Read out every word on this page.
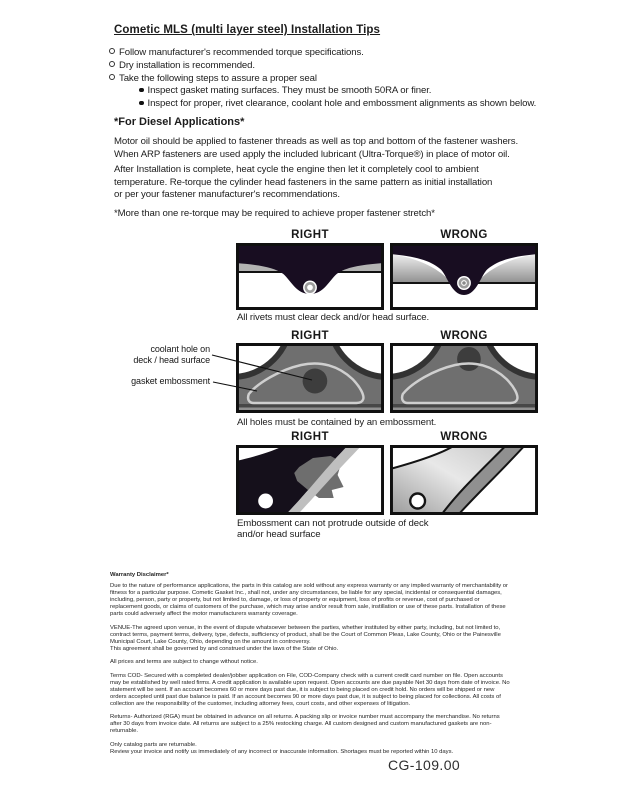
Cometic MLS (multi layer steel) Installation Tips
Follow manufacturer's recommended torque specifications.
Dry installation is recommended.
Take the following steps to assure a proper seal
Inspect gasket mating surfaces. They must be smooth 50RA or finer.
Inspect for proper, rivet clearance, coolant hole and embossment alignments as shown below.
*For Diesel Applications*
Motor oil should be applied to fastener threads as well as top and bottom of the fastener washers.
When ARP fasteners are used apply the included lubricant (Ultra-Torque®) in place of motor oil.
After Installation is complete, heat cycle the engine then let it completely cool to ambient
temperature. Re-torque the cylinder head fasteners in the same pattern as initial installation
or per your fastener manufacturer's recommendations.
*More than one re-torque may be required to achieve proper fastener stretch*
RIGHT	WRONG
All rivets must clear deck and/or head surface.
RIGHT	WRONG
coolant hole on
deck / head surface
gasket embossment
All holes must be contained by an embossment.
RIGHT	WRONG
Embossment can not protrude outside of deck
and/or head surface
Warranty Disclaimer*

Due to the nature of performance applications, the parts in this catalog are sold without any express warranty or any implied warranty of merchantability or fitness for a particular purpose. Cometic Gasket Inc., shall not, under any circumstances, be liable for any special, incidental or consequential damages, including, person, party or property, but not limited to, damage, or loss of property or equipment, loss of profits or revenue, cost of purchased or replacement goods, or claims of customers of the purchase, which may arise and/or result from sale, instillation or use of these parts. Installation of these parts could adversely affect the motor manufacturers warranty coverage.

VENUE-The agreed upon venue, in the event of dispute whatsoever between the parties, whether instituted by either party, including, but not limited to, contract terms, payment terms, delivery, type, defects, sufficiency of product, shall be the Court of Common Pleas, Lake County, Ohio or the Painesville Municipal Court, Lake County, Ohio, depending on the amount in controversy.

This agreement shall be governed by and construed under the laws of the State of Ohio.

All prices and terms are subject to change without notice.

Terms COD- Secured with a completed dealer/jobber application on File, COD-Company check with a current credit card number on file. Open accounts may be established by well rated firms. A credit application is available upon request. Open accounts are due payable Net 30 days from date of invoice. No statement will be sent. If an account becomes 60 or more days past due, it is subject to being placed on credit hold. No orders will be shipped or new orders accepted until past due balance is paid. If an account becomes 90 or more days past due, it is subject to being placed for collections. All costs of collection are the responsibility of the customer, including attorney fees, court costs, and other expenses of litigation.

Returns- Authorized (RGA) must be obtained in advance on all returns. A packing slip or invoice number must accompany the merchandise. No returns after 30 days from invoice date. All returns are subject to a 25% restocking charge. All custom designed and custom manufactured gaskets are non-returnable.

Only catalog parts are returnable.

Review your invoice and notify us immediately of any incorrect or inaccurate information. Shortages must be reported within 10 days.

CG-109.00
